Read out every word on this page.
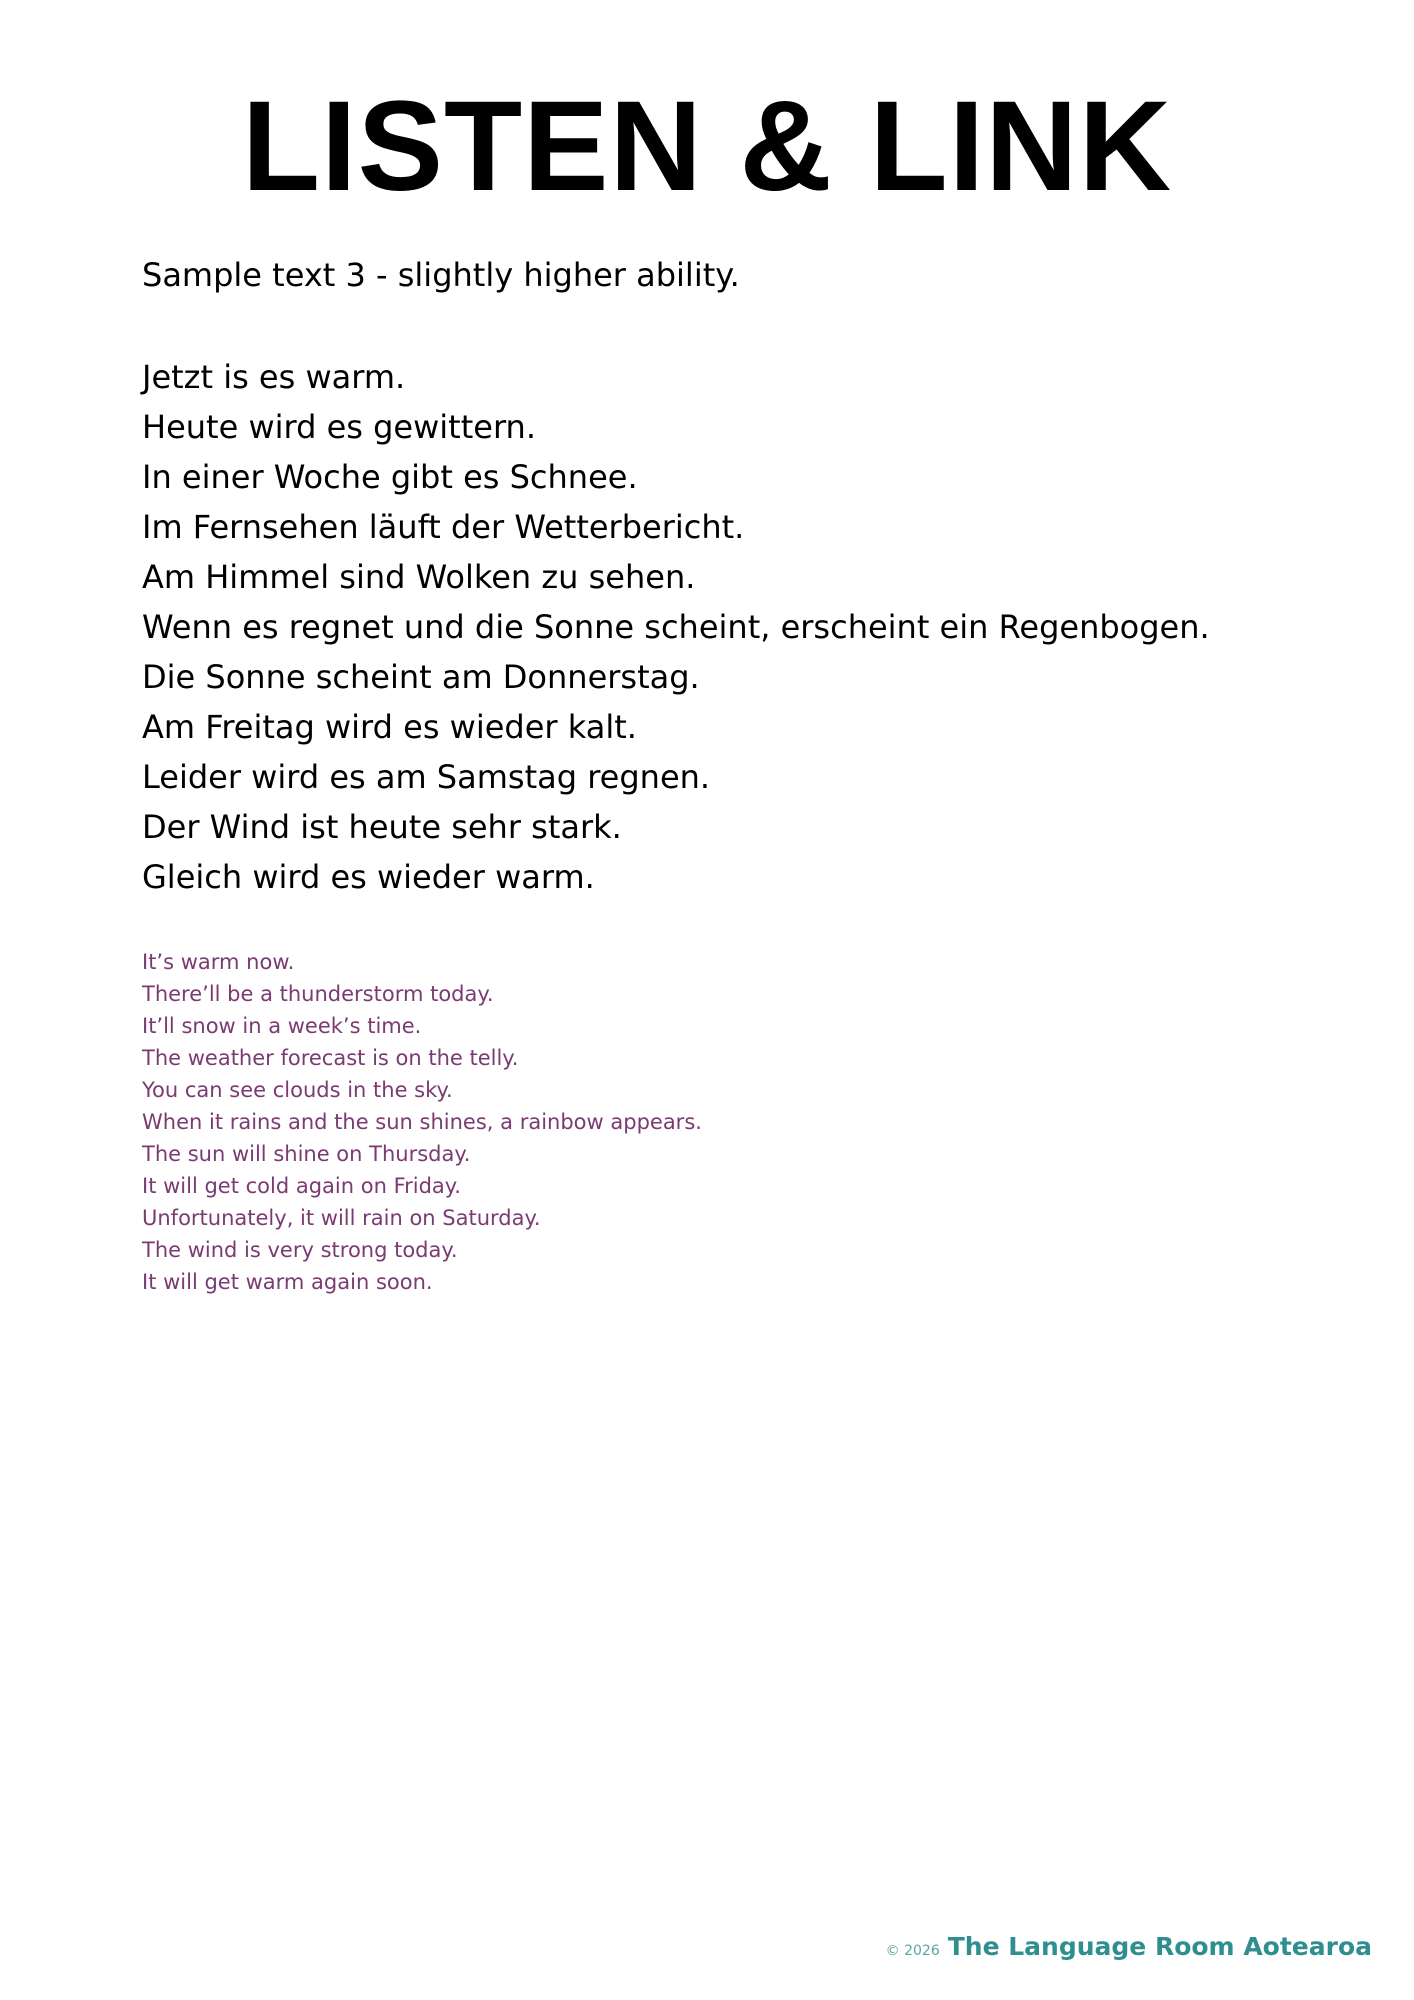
LISTEN & LINK

Sample text 3 - slightly higher ability.

Jetzt is es warm.
Heute wird es gewittern.
In einer Woche gibt es Schnee.
Im Fernsehen läuft der Wetterbericht.
Am Himmel sind Wolken zu sehen.
Wenn es regnet und die Sonne scheint, erscheint ein Regenbogen.
Die Sonne scheint am Donnerstag.
Am Freitag wird es wieder kalt.
Leider wird es am Samstag regnen.
Der Wind ist heute sehr stark.
Gleich wird es wieder warm.
It’s warm now.
There’ll be a thunderstorm today.
It’ll snow in a week’s time.
The weather forecast is on the telly.
You can see clouds in the sky.
When it rains and the sun shines, a rainbow appears.
The sun will shine on Thursday.
It will get cold again on Friday.
Unfortunately, it will rain on Saturday.
The wind is very strong today.
It will get warm again soon.
© 2026 The Language Room Aotearoa
